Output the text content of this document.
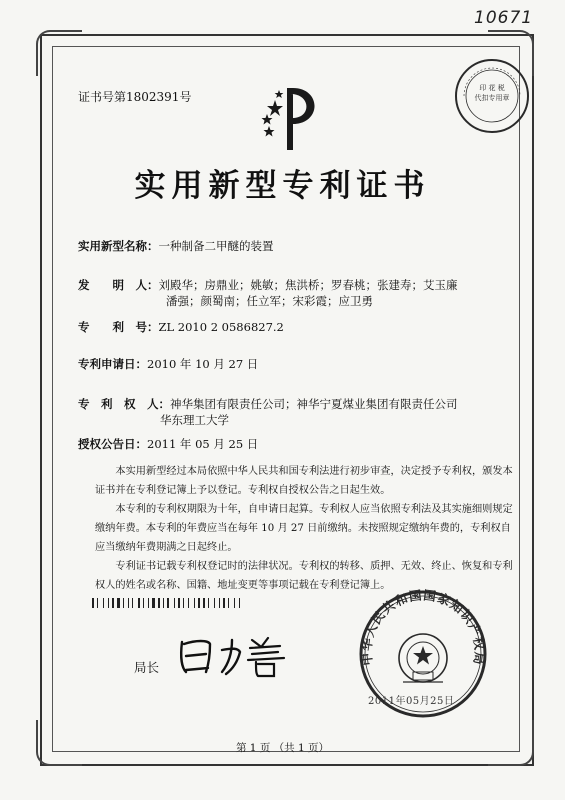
10671
证书号第1802391号
印 花 税
代扣专用章
实用新型专利证书
实用新型名称：一种制备二甲醚的装置
发　　明　人：刘殿华；房鼎业；姚敏；焦洪桥；罗春桃；张建寿；艾玉廉
潘强；颜蜀南；任立军；宋彩霞；应卫勇
专　　利　号：ZL 2010 2 0586827.2
专利申请日：2010 年 10 月 27 日
专　利　权　人：神华集团有限责任公司；神华宁夏煤业集团有限责任公司
华东理工大学
授权公告日：2011 年 05 月 25 日

本实用新型经过本局依照中华人民共和国专利法进行初步审查，决定授予专利权，颁发本证书并在专利登记簿上予以登记。专利权自授权公告之日起生效。

本专利的专利权期限为十年，自申请日起算。专利权人应当依照专利法及其实施细则规定缴纳年费。本专利的年费应当在每年 10 月 27 日前缴纳。未按照规定缴纳年费的，专利权自应当缴纳年费期满之日起终止。

专利证书记载专利权登记时的法律状况。专利权的转移、质押、无效、终止、恢复和专利权人的姓名或名称、国籍、地址变更等事项记载在专利登记簿上。

局长
中华人民共和国国家知识产权局
2011年05月25日
第 1 页 （共 1 页）
